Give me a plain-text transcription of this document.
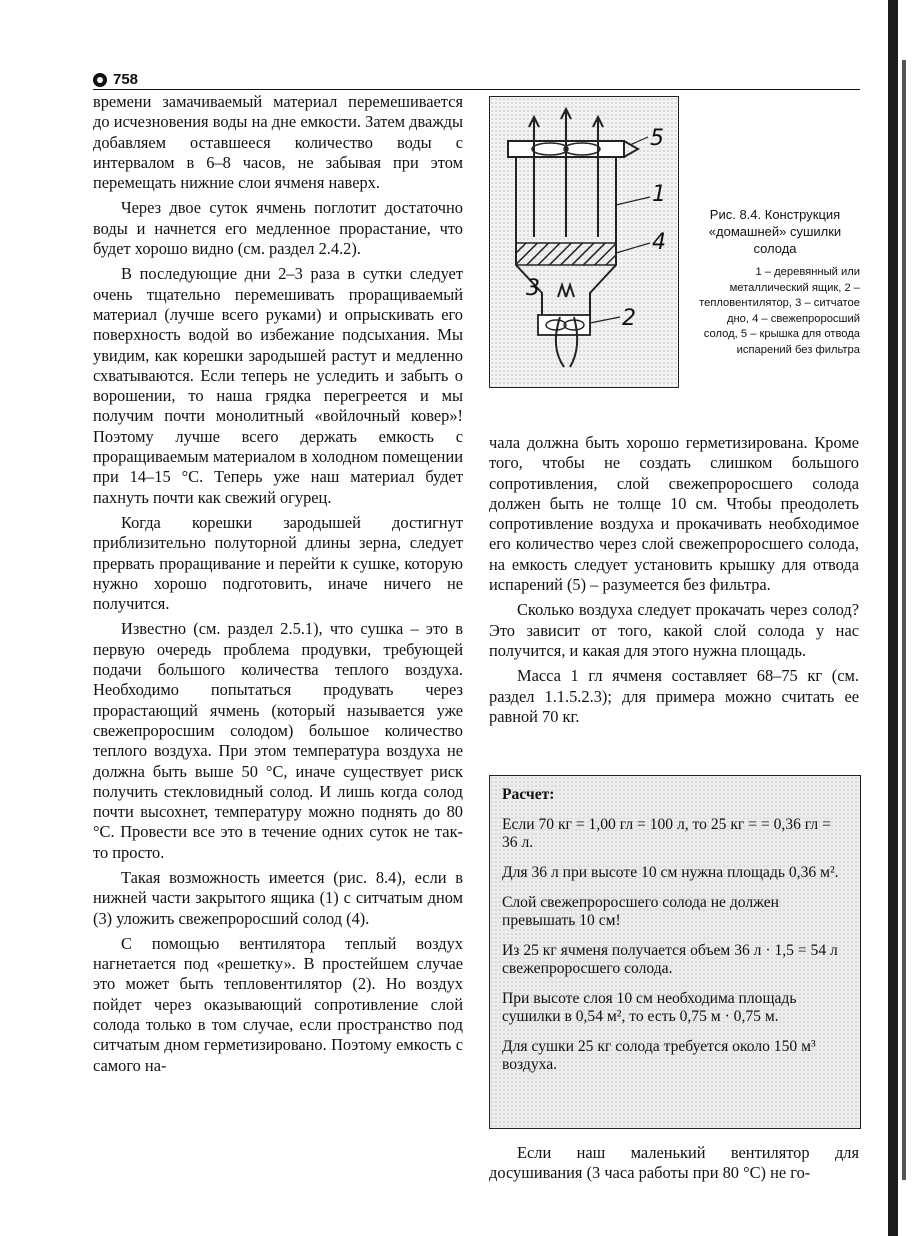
758

времени замачиваемый материал перемешивается до исчезновения воды на дне емкости. Затем дважды добавляем оставшееся количество воды с интервалом в 6–8 часов, не забывая при этом перемещать нижние слои ячменя наверх.

Через двое суток ячмень поглотит достаточно воды и начнется его медленное прорастание, что будет хорошо видно (см. раздел 2.4.2).

В последующие дни 2–3 раза в сутки следует очень тщательно перемешивать проращиваемый материал (лучше всего руками) и опрыскивать его поверхность водой во избежание подсыхания. Мы увидим, как корешки зародышей растут и медленно схватываются. Если теперь не уследить и забыть о ворошении, то наша грядка перегреется и мы получим почти монолитный «войлочный ковер»! Поэтому лучше всего держать емкость с проращиваемым материалом в холодном помещении при 14–15 °С. Теперь уже наш материал будет пахнуть почти как свежий огурец.

Когда корешки зародышей достигнут приблизительно полуторной длины зерна, следует прервать проращивание и перейти к сушке, которую нужно хорошо подготовить, иначе ничего не получится.

Известно (см. раздел 2.5.1), что сушка – это в первую очередь проблема продувки, требующей подачи большого количества теплого воздуха. Необходимо попытаться продувать через прорастающий ячмень (который называется уже свежепроросшим солодом) большое количество теплого воздуха. При этом температура воздуха не должна быть выше 50 °С, иначе существует риск получить стекловидный солод. И лишь когда солод почти высохнет, температуру можно поднять до 80 °С. Провести все это в течение одних суток не так-то просто.

Такая возможность имеется (рис. 8.4), если в нижней части закрытого ящика (1) с ситчатым дном (3) уложить свежепроросший солод (4).

С помощью вентилятора теплый воздух нагнетается под «решетку». В простейшем случае это может быть тепловентилятор (2). Но воздух пойдет через оказывающий сопротивление слой солода только в том случае, если пространство под ситчатым дном герметизировано. Поэтому емкость с самого на-

5
1
4
3
2
Рис. 8.4. Конструкция «домашней» сушилки солода
1 – деревянный или металлический ящик, 2 – тепловентилятор, 3 – ситчатое дно, 4 – свежепроросший солод, 5 – крышка для отвода испарений без фильтра

чала должна быть хорошо герметизирована. Кроме того, чтобы не создать слишком большого сопротивления, слой свежепроросшего солода должен быть не толще 10 см. Чтобы преодолеть сопротивление воздуха и прокачивать необходимое его количество через слой свежепроросшего солода, на емкость следует установить крышку для отвода испарений (5) – разумеется без фильтра.

Сколько воздуха следует прокачать через солод? Это зависит от того, какой слой солода у нас получится, и какая для этого нужна площадь.

Масса 1 гл ячменя составляет 68–75 кг (см. раздел 1.1.5.2.3); для примера можно считать ее равной 70 кг.

Расчет:
Если 70 кг = 1,00 гл = 100 л, то 25 кг = = 0,36 гл = 36 л.
Для 36 л при высоте 10 см нужна площадь 0,36 м².
Слой свежепроросшего солода не должен превышать 10 см!
Из 25 кг ячменя получается объем 36 л · 1,5 = 54 л свежепроросшего солода.
При высоте слоя 10 см необходима площадь сушилки в 0,54 м², то есть 0,75 м · 0,75 м.
Для сушки 25 кг солода требуется около 150 м³ воздуха.

Если наш маленький вентилятор для досушивания (3 часа работы при 80 °С) не го-
